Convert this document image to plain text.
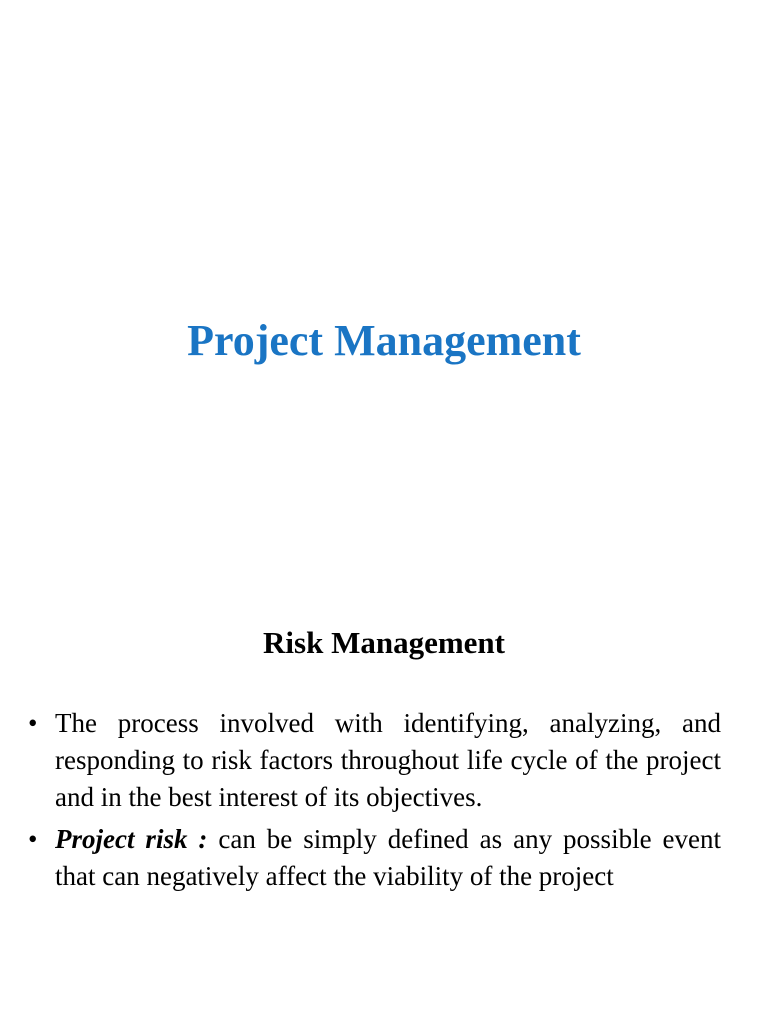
Project Management
Risk Management
• The process involved with identifying, analyzing, and responding to risk factors throughout life cycle of the project and in the best interest of its objectives.
• Project risk : can be simply defined as any possible event that can negatively affect the viability of the project
